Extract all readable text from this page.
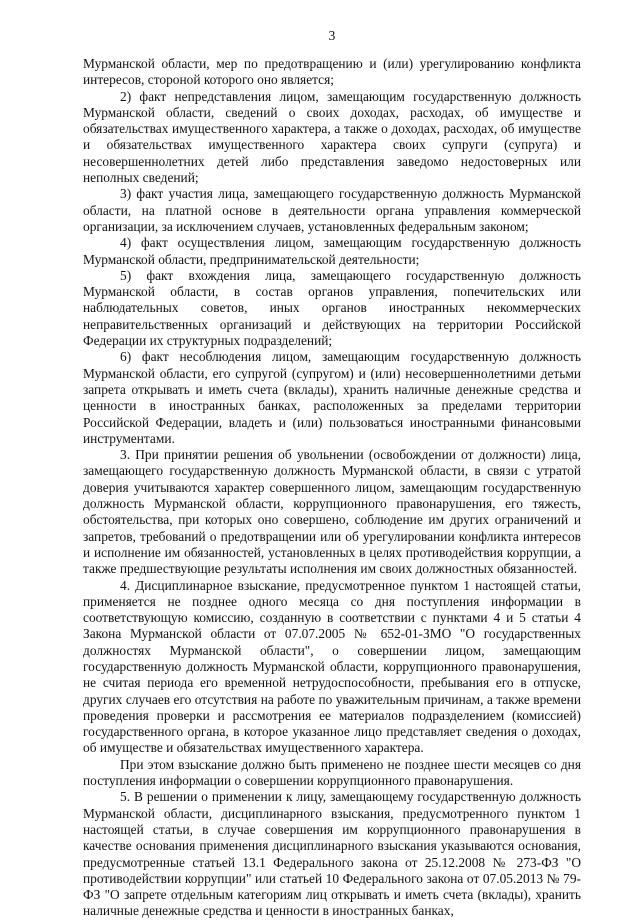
3

Мурманской области, мер по предотвращению и (или) урегулированию конфликта интересов, стороной которого оно является;

2) факт непредставления лицом, замещающим государственную должность Мурманской области, сведений о своих доходах, расходах, об имуществе и обязательствах имущественного характера, а также о доходах, расходах, об имуществе и обязательствах имущественного характера своих супруги (супруга) и несовершеннолетних детей либо представления заведомо недостоверных или неполных сведений;

3) факт участия лица, замещающего государственную должность Мурманской области, на платной основе в деятельности органа управления коммерческой организации, за исключением случаев, установленных федеральным законом;

4) факт осуществления лицом, замещающим государственную должность Мурманской области, предпринимательской деятельности;

5) факт вхождения лица, замещающего государственную должность Мурманской области, в состав органов управления, попечительских или наблюдательных советов, иных органов иностранных некоммерческих неправительственных организаций и действующих на территории Российской Федерации их структурных подразделений;

6) факт несоблюдения лицом, замещающим государственную должность Мурманской области, его супругой (супругом) и (или) несовершеннолетними детьми запрета открывать и иметь счета (вклады), хранить наличные денежные средства и ценности в иностранных банках, расположенных за пределами территории Российской Федерации, владеть и (или) пользоваться иностранными финансовыми инструментами.

3. При принятии решения об увольнении (освобождении от должности) лица, замещающего государственную должность Мурманской области, в связи с утратой доверия учитываются характер совершенного лицом, замещающим государственную должность Мурманской области, коррупционного правонарушения, его тяжесть, обстоятельства, при которых оно совершено, соблюдение им других ограничений и запретов, требований о предотвращении или об урегулировании конфликта интересов и исполнение им обязанностей, установленных в целях противодействия коррупции, а также предшествующие результаты исполнения им своих должностных обязанностей.

4. Дисциплинарное взыскание, предусмотренное пунктом 1 настоящей статьи, применяется не позднее одного месяца со дня поступления информации в соответствующую комиссию, созданную в соответствии с пунктами 4 и 5 статьи 4 Закона Мурманской области от 07.07.2005 № 652-01-ЗМО "О государственных должностях Мурманской области", о совершении лицом, замещающим государственную должность Мурманской области, коррупционного правонарушения, не считая периода его временной нетрудоспособности, пребывания его в отпуске, других случаев его отсутствия на работе по уважительным причинам, а также времени проведения проверки и рассмотрения ее материалов подразделением (комиссией) государственного органа, в которое указанное лицо представляет сведения о доходах, об имуществе и обязательствах имущественного характера.

При этом взыскание должно быть применено не позднее шести месяцев со дня поступления информации о совершении коррупционного правонарушения.

5. В решении о применении к лицу, замещающему государственную должность Мурманской области, дисциплинарного взыскания, предусмотренного пунктом 1 настоящей статьи, в случае совершения им коррупционного правонарушения в качестве основания применения дисциплинарного взыскания указываются основания, предусмотренные статьей 13.1 Федерального закона от 25.12.2008 № 273-ФЗ "О противодействии коррупции" или статьей 10 Федерального закона от 07.05.2013 № 79-ФЗ "О запрете отдельным категориям лиц открывать и иметь счета (вклады), хранить наличные денежные средства и ценности в иностранных банках,
